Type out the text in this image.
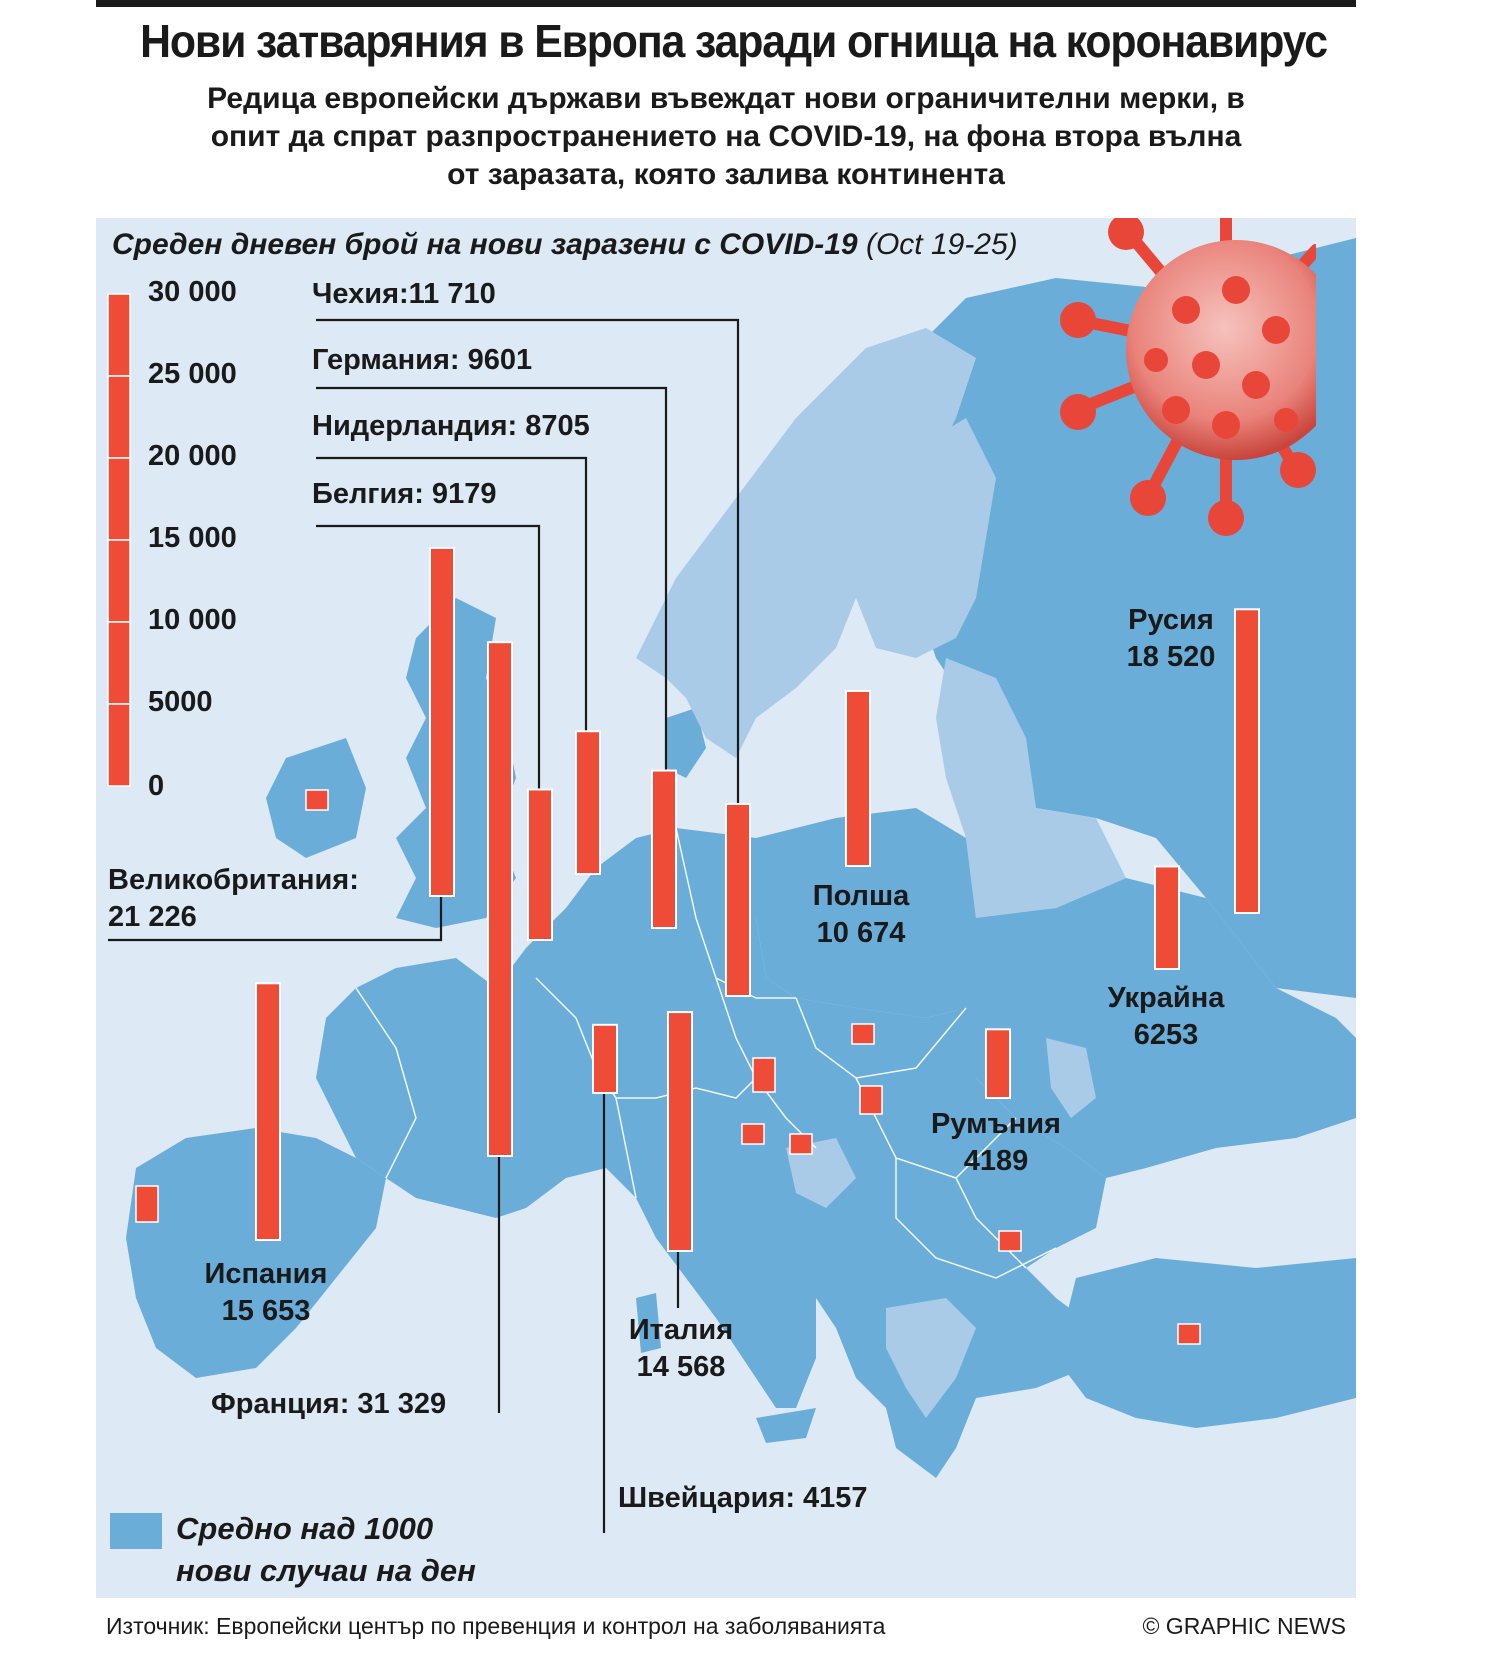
Нови затваряния в Европа заради огнища на коронавирус
Редица европейски държави въвеждат нови ограничителни мерки, в
опит да спрат разпространението на COVID-19, на фона втора вълна
от заразата, която залива континента
Среден дневен брой на нови заразени с COVID-19 (Oct 19-25)
30 000
25 000
20 000
15 000
10 000
5000
0
Чехия:11 710
Германия: 9601
Нидерландия: 8705
Белгия: 9179
Великобритания:
21 226
Испания
15 653
Франция: 31 329
Италия
14 568
Швейцария: 4157
Полша
10 674
Украйна
6253
Румъния
4189
Русия
18 520
Средно над 1000
нови случаи на ден
Източник: Европейски център по превенция и контрол на заболяванията	© GRAPHIC NEWS
